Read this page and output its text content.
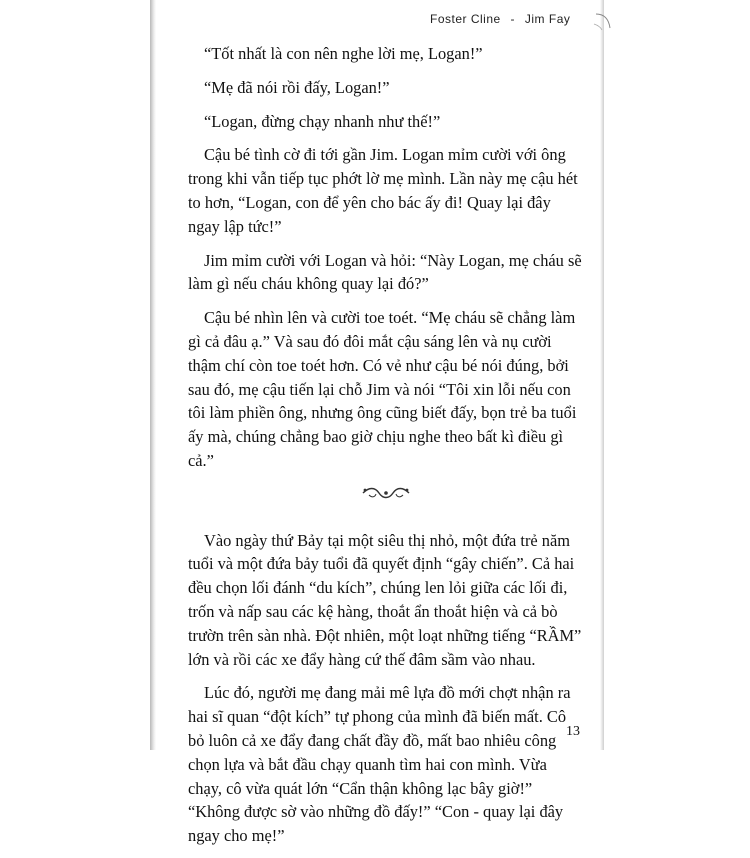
Foster Cline - Jim Fay

“Tốt nhất là con nên nghe lời mẹ, Logan!”

“Mẹ đã nói rồi đấy, Logan!”

“Logan, đừng chạy nhanh như thế!”

Cậu bé tình cờ đi tới gần Jim. Logan mỉm cười với ông trong khi vẫn tiếp tục phớt lờ mẹ mình. Lần này mẹ cậu hét to hơn, “Logan, con để yên cho bác ấy đi! Quay lại đây ngay lập tức!”

Jim mỉm cười với Logan và hỏi: “Này Logan, mẹ cháu sẽ làm gì nếu cháu không quay lại đó?”

Cậu bé nhìn lên và cười toe toét. “Mẹ cháu sẽ chẳng làm gì cả đâu ạ.” Và sau đó đôi mắt cậu sáng lên và nụ cười thậm chí còn toe toét hơn. Có vẻ như cậu bé nói đúng, bởi sau đó, mẹ cậu tiến lại chỗ Jim và nói “Tôi xin lỗi nếu con tôi làm phiền ông, nhưng ông cũng biết đấy, bọn trẻ ba tuổi ấy mà, chúng chẳng bao giờ chịu nghe theo bất kì điều gì cả.”

Vào ngày thứ Bảy tại một siêu thị nhỏ, một đứa trẻ năm tuổi và một đứa bảy tuổi đã quyết định “gây chiến”. Cả hai đều chọn lối đánh “du kích”, chúng len lỏi giữa các lối đi, trốn và nấp sau các kệ hàng, thoắt ẩn thoắt hiện và cả bò trườn trên sàn nhà. Đột nhiên, một loạt những tiếng “RẦM” lớn và rồi các xe đẩy hàng cứ thế đâm sầm vào nhau.

Lúc đó, người mẹ đang mải mê lựa đồ mới chợt nhận ra hai sĩ quan “đột kích” tự phong của mình đã biến mất. Cô bỏ luôn cả xe đẩy đang chất đầy đồ, mất bao nhiêu công chọn lựa và bắt đầu chạy quanh tìm hai con mình. Vừa chạy, cô vừa quát lớn “Cẩn thận không lạc bây giờ!” “Không được sờ vào những đồ đấy!” “Con - quay lại đây ngay cho mẹ!”

13
